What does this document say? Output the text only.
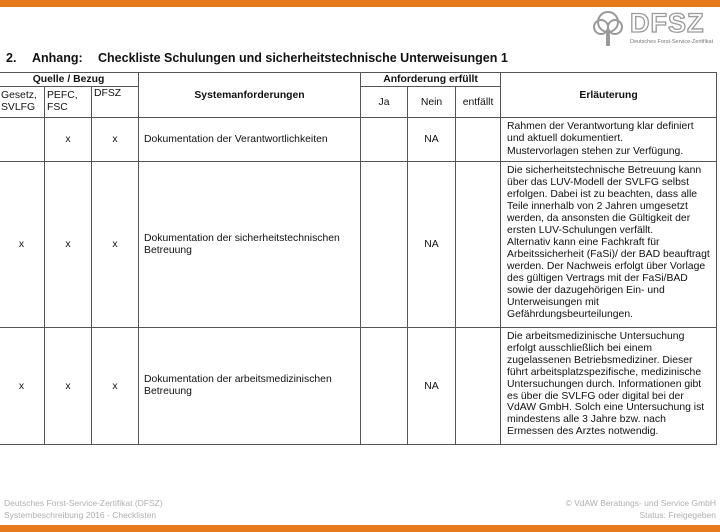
DFSZ
Deutsches Forst-Service-Zertifikat
2. Anhang: Checkliste Schulungen und sicherheitstechnische Unterweisungen 1
Quelle / Bezug			Systemanforderungen	Anforderung erfüllt			Erläuterung
Gesetz, SVLFG	PEFC, FSC	DFSZ		Ja	Nein	entfällt	
	x	x	Dokumentation der Verantwortlichkeiten		NA		Rahmen der Verantwortung klar definiert und aktuell dokumentiert.

Mustervorlagen stehen zur Verfügung.

x	x	x	Dokumentation der sicherheitstechnischen Betreuung		NA		Die sicherheitstechnische Betreuung kann über das LUV-Modell der SVLFG selbst erfolgen. Dabei ist zu beachten, dass alle Teile innerhalb von 2 Jahren umgesetzt werden, da ansonsten die Gültigkeit der ersten LUV-Schulungen verfällt.

Alternativ kann eine Fachkraft für Arbeitssicherheit (FaSi)/ der BAD beauftragt werden. Der Nachweis erfolgt über Vorlage des gültigen Vertrags mit der FaSi/BAD sowie der dazugehörigen Ein- und Unterweisungen mit Gefährdungsbeurteilungen.

x	x	x	Dokumentation der arbeitsmedizinischen Betreuung		NA		Die arbeitsmedizinische Untersuchung erfolgt ausschließlich bei einem zugelassenen Betriebsmediziner. Dieser führt arbeitsplatzspezifische, medizinische Untersuchungen durch. Informationen gibt es über die SVLFG oder digital bei der VdAW GmbH. Solch eine Untersuchung ist mindestens alle 3 Jahre bzw. nach Ermessen des Arztes notwendig.

Deutsches Forst-Service-Zertifikat (DFSZ)
Systembeschreibung 2016 - Checklisten
© VdAW Beratungs- und Service GmbH
Status: Freigegeben
